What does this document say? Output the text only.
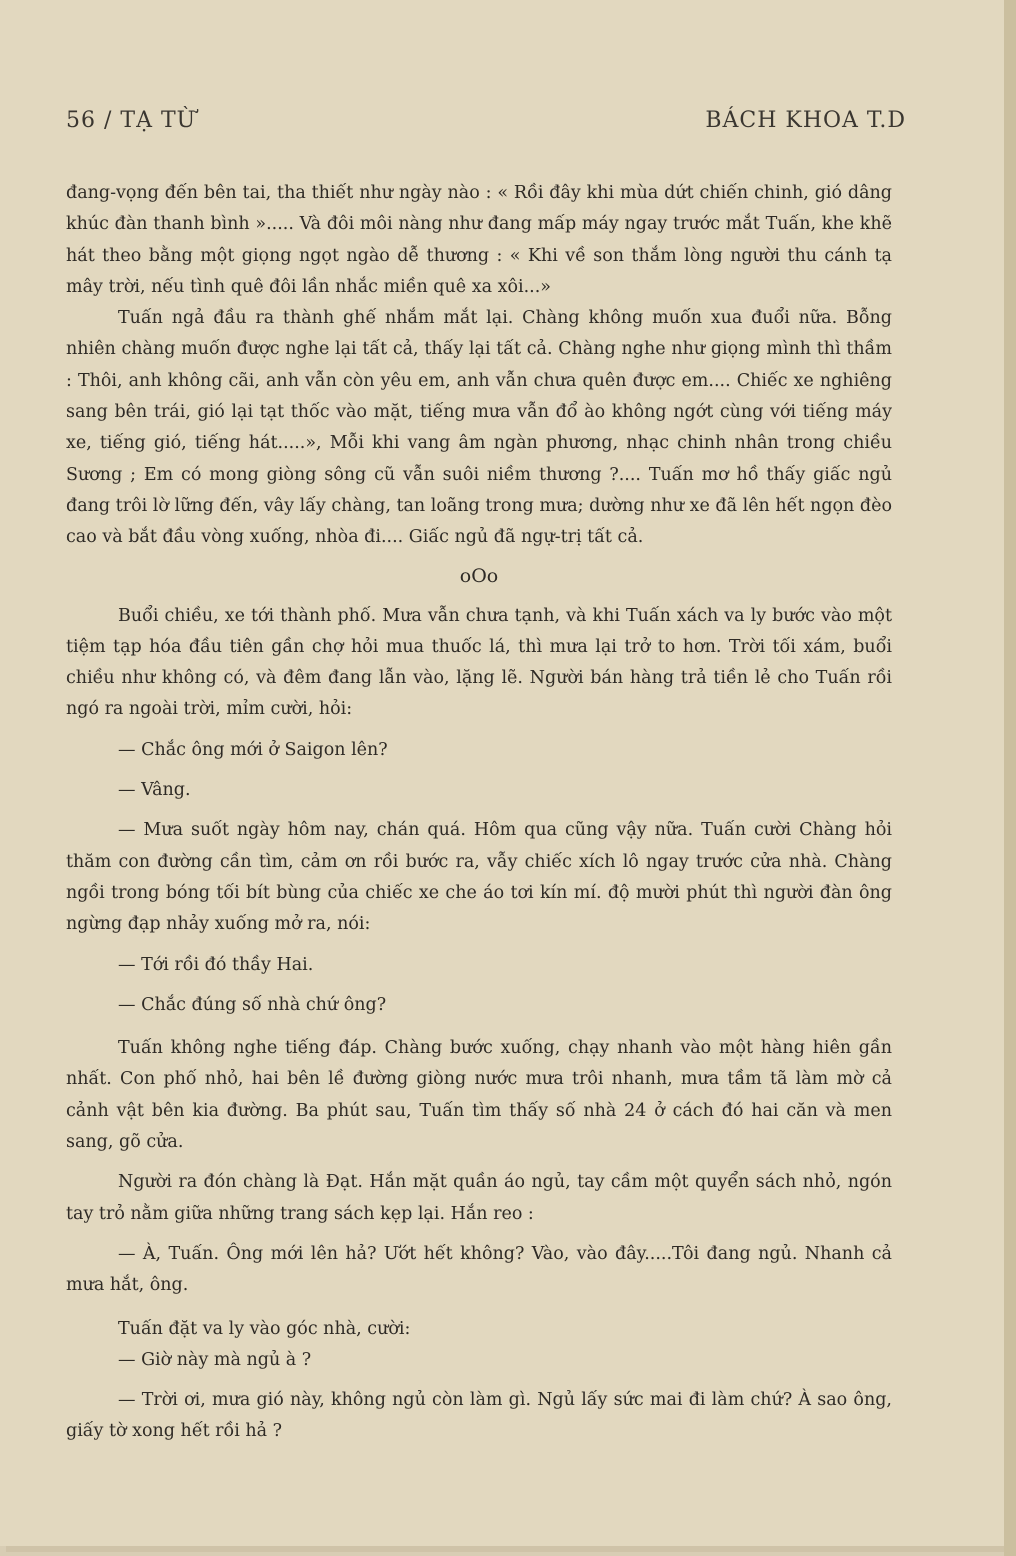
56 / TẠ TỪ	BÁCH KHOA T.D

đang-vọng đến bên tai, tha thiết như ngày nào : « Rồi đây khi mùa dứt chiến chinh, gió dâng khúc đàn thanh bình »..... Và đôi môi nàng như đang mấp máy ngay trước mắt Tuấn, khe khẽ hát theo bằng một giọng ngọt ngào dễ thương : « Khi về son thắm lòng người thu cánh tạ mây trời, nếu tình quê đôi lần nhắc miền quê xa xôi...»

Tuấn ngả đầu ra thành ghế nhắm mắt lại. Chàng không muốn xua đuổi nữa. Bỗng nhiên chàng muốn được nghe lại tất cả, thấy lại tất cả. Chàng nghe như giọng mình thì thầm : Thôi, anh không cãi, anh vẫn còn yêu em, anh vẫn chưa quên được em.... Chiếc xe nghiêng sang bên trái, gió lại tạt thốc vào mặt, tiếng mưa vẫn đổ ào không ngớt cùng với tiếng máy xe, tiếng gió, tiếng hát.....», Mỗi khi vang âm ngàn phương, nhạc chinh nhân trong chiều Sương ; Em có mong giòng sông cũ vẫn suôi niềm thương ?.... Tuấn mơ hồ thấy giấc ngủ đang trôi lờ lững đến, vây lấy chàng, tan loãng trong mưa; dường như xe đã lên hết ngọn đèo cao và bắt đầu vòng xuống, nhòa đi.... Giấc ngủ đã ngự-trị tất cả.

oOo

Buổi chiều, xe tới thành phố. Mưa vẫn chưa tạnh, và khi Tuấn xách va ly bước vào một tiệm tạp hóa đầu tiên gần chợ hỏi mua thuốc lá, thì mưa lại trở to hơn. Trời tối xám, buổi chiều như không có, và đêm đang lẫn vào, lặng lẽ. Người bán hàng trả tiền lẻ cho Tuấn rồi ngó ra ngoài trời, mỉm cười, hỏi:

— Chắc ông mới ở Saigon lên?

— Vâng.

— Mưa suốt ngày hôm nay, chán quá. Hôm qua cũng vậy nữa. Tuấn cười Chàng hỏi thăm con đường cần tìm, cảm ơn rồi bước ra, vẫy chiếc xích lô ngay trước cửa nhà. Chàng ngồi trong bóng tối bít bùng của chiếc xe che áo tơi kín mí. độ mười phút thì người đàn ông ngừng đạp nhảy xuống mở ra, nói:

— Tới rồi đó thầy Hai.

— Chắc đúng số nhà chứ ông?

Tuấn không nghe tiếng đáp. Chàng bước xuống, chạy nhanh vào một hàng hiên gần nhất. Con phố nhỏ, hai bên lề đường giòng nước mưa trôi nhanh, mưa tầm tã làm mờ cả cảnh vật bên kia đường. Ba phút sau, Tuấn tìm thấy số nhà 24 ở cách đó hai căn và men sang, gõ cửa.

Người ra đón chàng là Đạt. Hắn mặt quần áo ngủ, tay cầm một quyển sách nhỏ, ngón tay trỏ nằm giữa những trang sách kẹp lại. Hắn reo :

— À, Tuấn. Ông mới lên hả? Ướt hết không? Vào, vào đây.....Tôi đang ngủ. Nhanh cả mưa hắt, ông.

Tuấn đặt va ly vào góc nhà, cười:

— Giờ này mà ngủ à ?

— Trời ơi, mưa gió này, không ngủ còn làm gì. Ngủ lấy sức mai đi làm chứ? À sao ông, giấy tờ xong hết rồi hả ?
